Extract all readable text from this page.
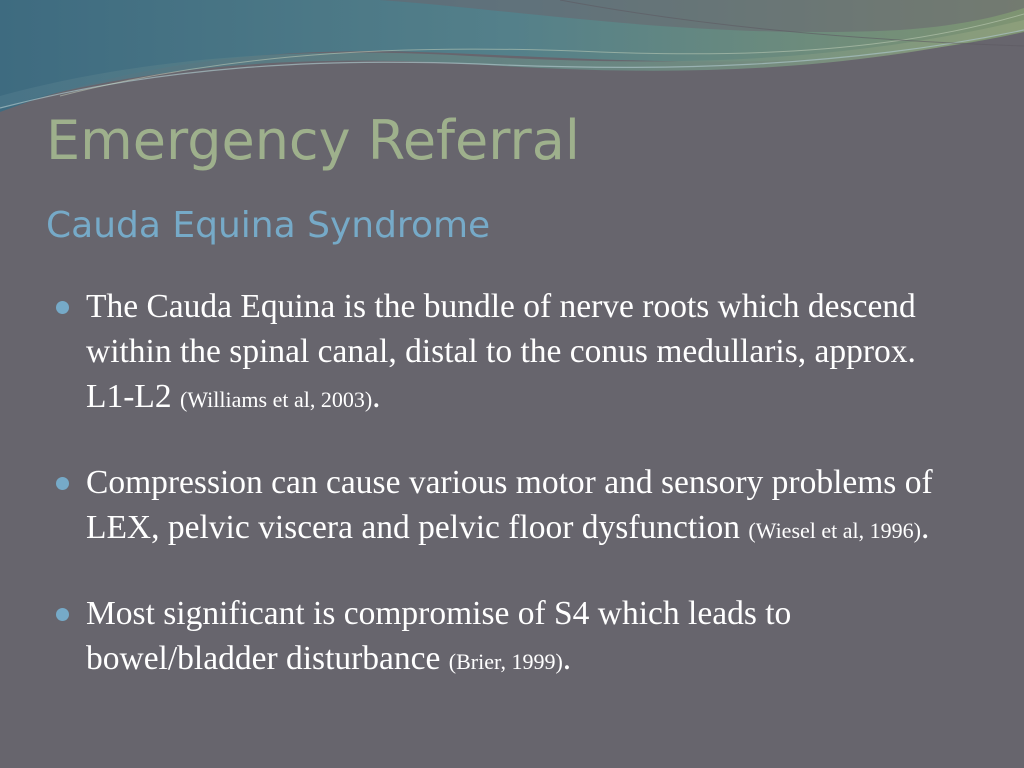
Emergency Referral
Cauda Equina Syndrome
The Cauda Equina is the bundle of nerve roots which descend within the spinal canal, distal to the conus medullaris, approx. L1-L2 (Williams et al, 2003).
Compression can cause various motor and sensory problems of LEX, pelvic viscera and pelvic floor dysfunction (Wiesel et al, 1996).
Most significant is compromise of S4 which leads to bowel/bladder disturbance (Brier, 1999).
